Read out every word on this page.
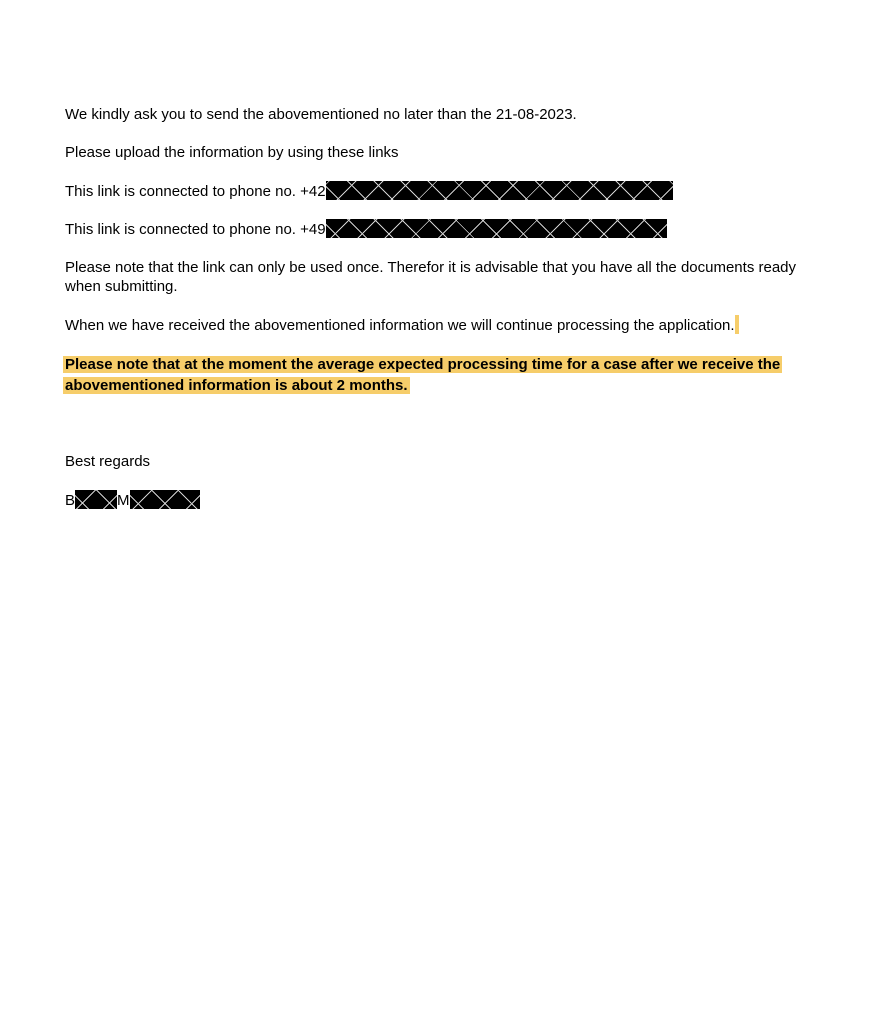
We kindly ask you to send the abovementioned no later than the 21-08-2023.
Please upload the information by using these links
This link is connected to phone no. +42
This link is connected to phone no. +49
Please note that the link can only be used once. Therefor it is advisable that you have all the documents ready when submitting.
When we have received the abovementioned information we will continue processing the application.
Please note that at the moment the average expected processing time for a case after we receive the abovementioned information is about 2 months.
Best regards
B	M
